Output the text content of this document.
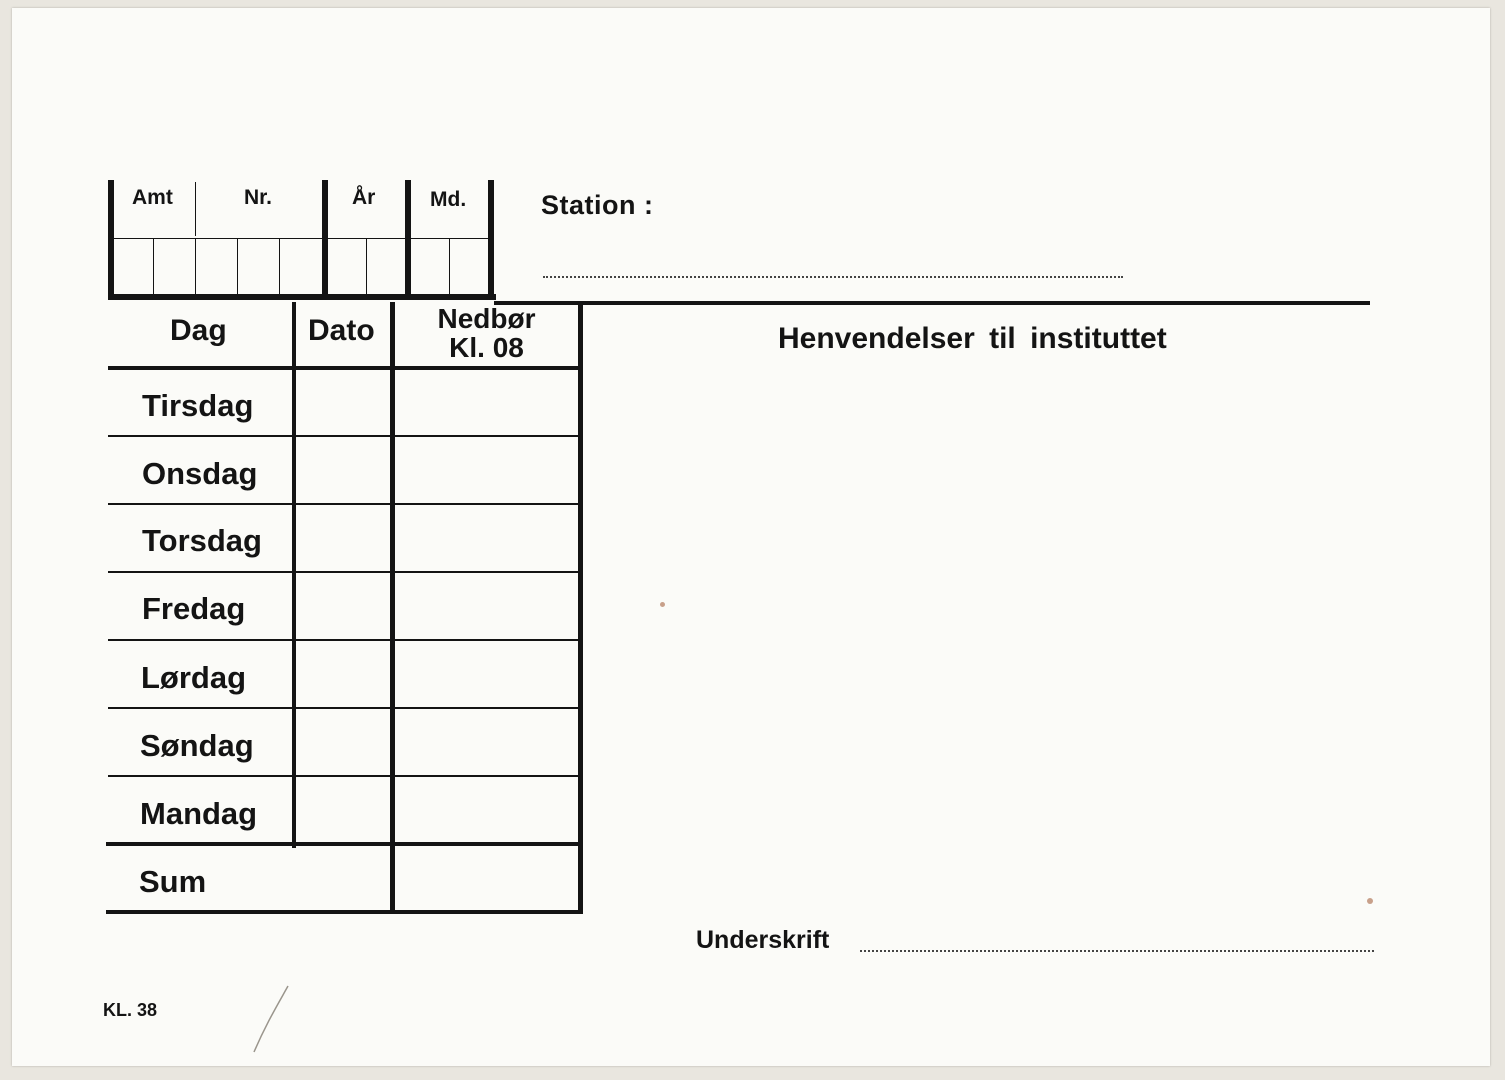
Amt	Nr.	År	Md.	Station :
Dag	Dato	Nedbør
Kl. 08
Tirsdag
Onsdag
Torsdag
Fredag
Lørdag
Søndag
Mandag
Sum
Henvendelser til instituttet
Underskrift
KL. 38
